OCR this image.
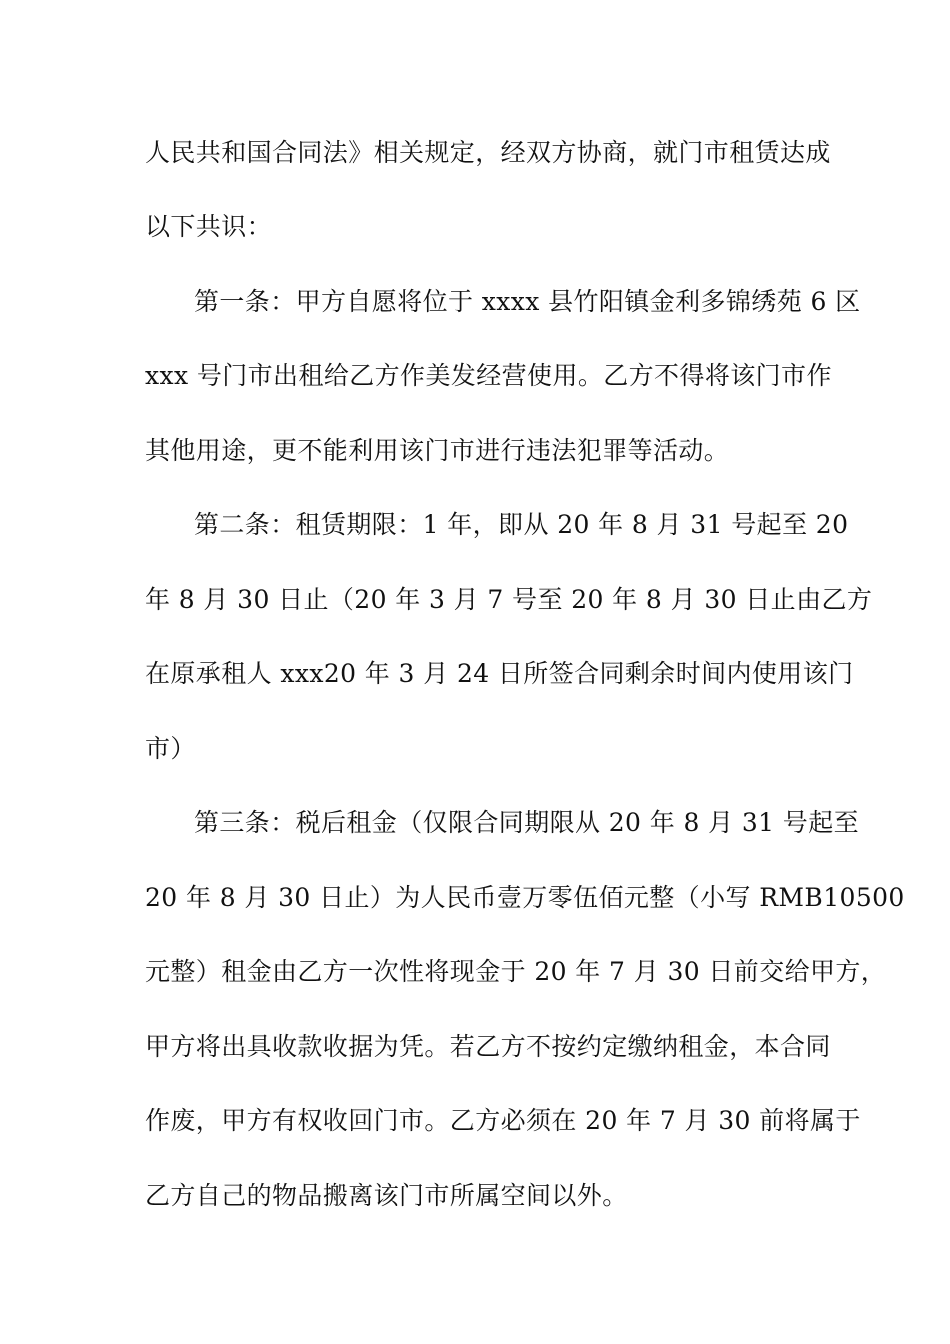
人民共和国合同法》相关规定，经双方协商，就门市租赁达成

以下共识：

第一条：甲方自愿将位于 xxxx 县竹阳镇金利多锦绣苑 6 区

xxx 号门市出租给乙方作美发经营使用。乙方不得将该门市作

其他用途，更不能利用该门市进行违法犯罪等活动。

第二条：租赁期限：1 年，即从 20 年 8 月 31 号起至 20

年 8 月 30 日止（20 年 3 月 7 号至 20 年 8 月 30 日止由乙方

在原承租人 xxx20 年 3 月 24 日所签合同剩余时间内使用该门

市）

第三条：税后租金（仅限合同期限从 20 年 8 月 31 号起至

20 年 8 月 30 日止）为人民币壹万零伍佰元整（小写 RMB10500

元整）租金由乙方一次性将现金于 20 年 7 月 30 日前交给甲方，

甲方将出具收款收据为凭。若乙方不按约定缴纳租金，本合同

作废，甲方有权收回门市。乙方必须在 20 年 7 月 30 前将属于

乙方自己的物品搬离该门市所属空间以外。
